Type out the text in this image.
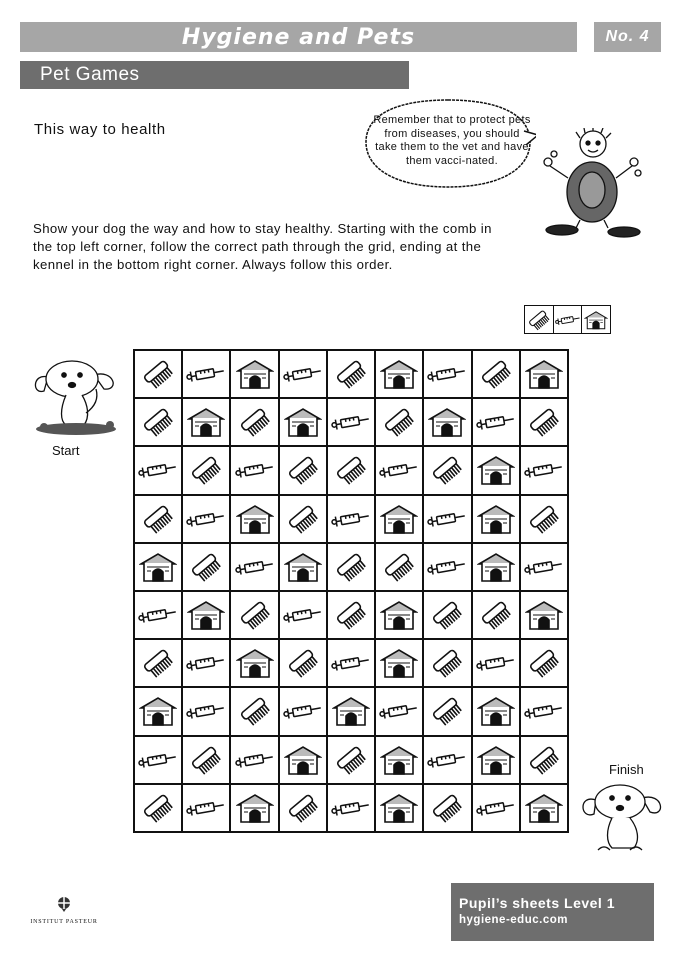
Hygiene and Pets	No. 4
Pet Games
This way to health
Remember that to protect pets from diseases, you should take them to the vet and have them vacci-nated.
Show your dog the way and how to stay healthy. Starting with the comb in the top left corner, follow the correct path through the grid, ending at the kennel in the bottom right corner. Always follow this order.
Start
Finish
INSTITUT PASTEUR
Pupil’s sheets Level 1
hygiene-educ.com
